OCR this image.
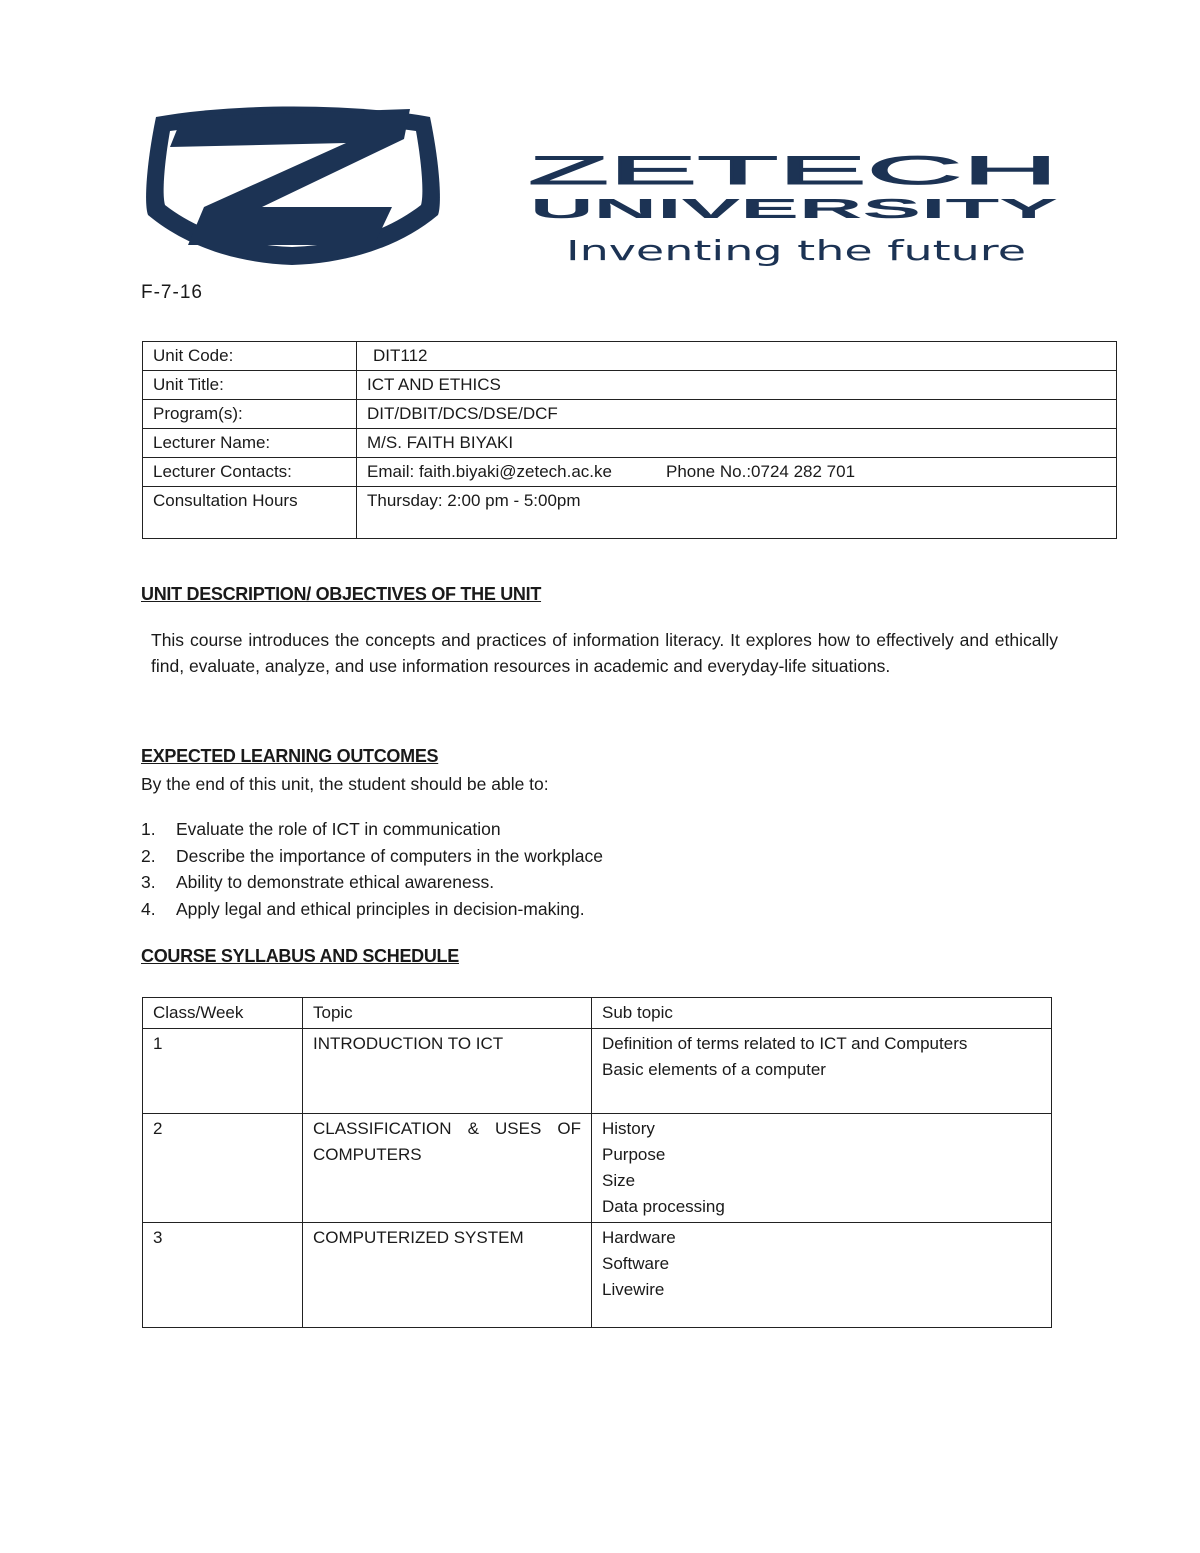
ZETECH
UNIVERSITY
Inventing the future
F-7-16
Unit Code:	DIT112
Unit Title:	ICT AND ETHICS
Program(s):	DIT/DBIT/DCS/DSE/DCF
Lecturer Name:	M/S. FAITH BIYAKI
Lecturer Contacts:	Email: faith.biyaki@zetech.ac.ke Phone No.:0724 282 701
Consultation Hours	Thursday: 2:00 pm - 5:00pm
UNIT DESCRIPTION/ OBJECTIVES OF THE UNIT
This course introduces the concepts and practices of information literacy. It explores how to effectively and ethically find, evaluate, analyze, and use information resources in academic and everyday-life situations.
EXPECTED LEARNING OUTCOMES
By the end of this unit, the student should be able to:
1. Evaluate the role of ICT in communication
2. Describe the importance of computers in the workplace
3. Ability to demonstrate ethical awareness.
4. Apply legal and ethical principles in decision-making.
COURSE SYLLABUS AND SCHEDULE
Class/Week	Topic	Sub topic
1	INTRODUCTION TO ICT	Definition of terms related to ICT and Computers
Basic elements of a computer

2	CLASSIFICATION & USES OF COMPUTERS	History
Purpose
Size
Data processing

3	COMPUTERIZED SYSTEM	Hardware
Software
Livewire
